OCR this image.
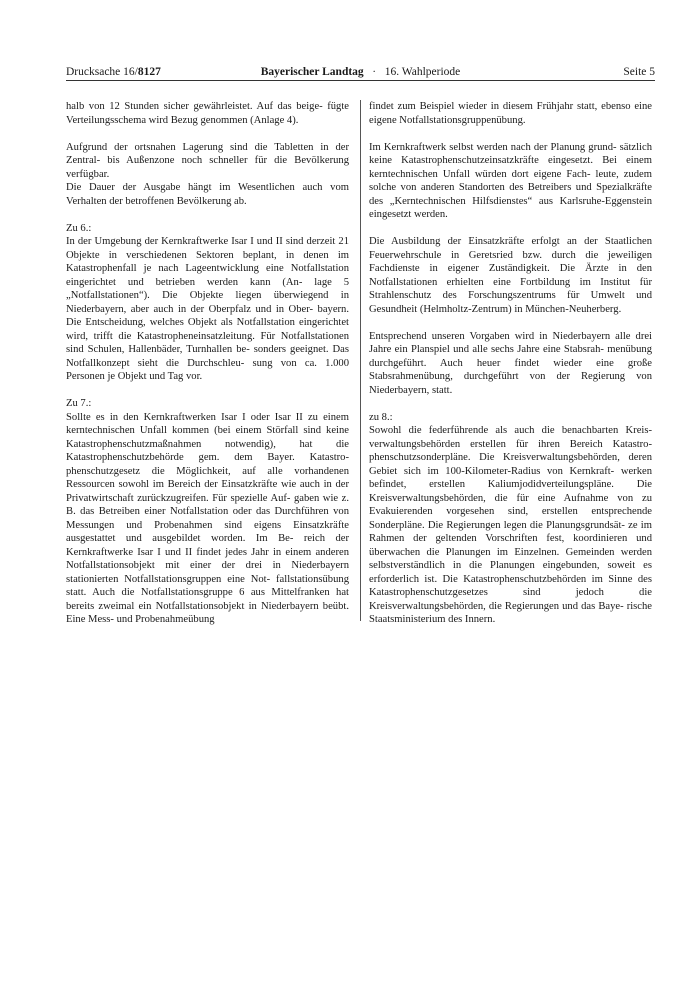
Drucksache 16/8127	Bayerischer Landtag · 16. Wahlperiode	Seite 5

halb von 12 Stunden sicher gewährleistet. Auf das beige- fügte Verteilungsschema wird Bezug genommen (Anlage 4).

Aufgrund der ortsnahen Lagerung sind die Tabletten in der Zentral- bis Außenzone noch schneller für die Bevölkerung verfügbar.

Die Dauer der Ausgabe hängt im Wesentlichen auch vom Verhalten der betroffenen Bevölkerung ab.

Zu 6.:

In der Umgebung der Kernkraftwerke Isar I und II sind derzeit 21 Objekte in verschiedenen Sektoren beplant, in denen im Katastrophenfall je nach Lageentwicklung eine Notfallstation eingerichtet und betrieben werden kann (An- lage 5 „Notfallstationen“). Die Objekte liegen überwiegend in Niederbayern, aber auch in der Oberpfalz und in Ober- bayern. Die Entscheidung, welches Objekt als Notfallstation eingerichtet wird, trifft die Katastropheneinsatzleitung. Für Notfallstationen sind Schulen, Hallenbäder, Turnhallen be- sonders geeignet. Das Notfallkonzept sieht die Durchschleu- sung von ca. 1.000 Personen je Objekt und Tag vor.

Zu 7.:

Sollte es in den Kernkraftwerken Isar I oder Isar II zu einem kerntechnischen Unfall kommen (bei einem Störfall sind keine Katastrophenschutzmaßnahmen notwendig), hat die Katastrophenschutzbehörde gem. dem Bayer. Katastro- phenschutzgesetz die Möglichkeit, auf alle vorhandenen Ressourcen sowohl im Bereich der Einsatzkräfte wie auch in der Privatwirtschaft zurückzugreifen. Für spezielle Auf- gaben wie z. B. das Betreiben einer Notfallstation oder das Durchführen von Messungen und Probenahmen sind eigens Einsatzkräfte ausgestattet und ausgebildet worden. Im Be- reich der Kernkraftwerke Isar I und II findet jedes Jahr in einem anderen Notfallstationsobjekt mit einer der drei in Niederbayern stationierten Notfallstationsgruppen eine Not- fallstationsübung statt. Auch die Notfallstationsgruppe 6 aus Mittelfranken hat bereits zweimal ein Notfallstationsobjekt in Niederbayern beübt. Eine Mess- und Probenahmeübung

findet zum Beispiel wieder in diesem Frühjahr statt, ebenso eine eigene Notfallstationsgruppenübung.

Im Kernkraftwerk selbst werden nach der Planung grund- sätzlich keine Katastrophenschutzeinsatzkräfte eingesetzt. Bei einem kerntechnischen Unfall würden dort eigene Fach- leute, zudem solche von anderen Standorten des Betreibers und Spezialkräfte des „Kerntechnischen Hilfsdienstes“ aus Karlsruhe-Eggenstein eingesetzt werden.

Die Ausbildung der Einsatzkräfte erfolgt an der Staatlichen Feuerwehrschule in Geretsried bzw. durch die jeweiligen Fachdienste in eigener Zuständigkeit. Die Ärzte in den Notfallstationen erhielten eine Fortbildung im Institut für Strahlenschutz des Forschungszentrums für Umwelt und Gesundheit (Helmholtz-Zentrum) in München-Neuherberg.

Entsprechend unseren Vorgaben wird in Niederbayern alle drei Jahre ein Planspiel und alle sechs Jahre eine Stabsrah- menübung durchgeführt. Auch heuer findet wieder eine große Stabsrahmenübung, durchgeführt von der Regierung von Niederbayern, statt.

zu 8.:

Sowohl die federführende als auch die benachbarten Kreis- verwaltungsbehörden erstellen für ihren Bereich Katastro- phenschutzsonderpläne. Die Kreisverwaltungsbehörden, deren Gebiet sich im 100-Kilometer-Radius von Kernkraft- werken befindet, erstellen Kaliumjodidverteilungspläne. Die Kreisverwaltungsbehörden, die für eine Aufnahme von zu Evakuierenden vorgesehen sind, erstellen entsprechende Sonderpläne. Die Regierungen legen die Planungsgrundsät- ze im Rahmen der geltenden Vorschriften fest, koordinieren und überwachen die Planungen im Einzelnen. Gemeinden werden selbstverständlich in die Planungen eingebunden, soweit es erforderlich ist. Die Katastrophenschutzbehörden im Sinne des Katastrophenschutzgesetzes sind jedoch die Kreisverwaltungsbehörden, die Regierungen und das Baye- rische Staatsministerium des Innern.
